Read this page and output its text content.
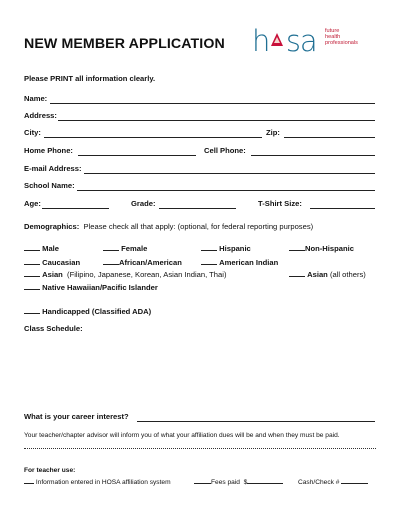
NEW MEMBER APPLICATION h  sa future
health
professionals
Please PRINT all information clearly.
Name:
Address:
City:	Zip:
Home Phone:	Cell Phone:
E-mail Address:
School Name:
Age:	Grade:	T-Shirt Size:
Demographics: Please check all that apply: (optional, for federal reporting purposes)
Male	Female	Hispanic	Non-Hispanic
Caucasian	African/American	American Indian
Asian (Filipino, Japanese, Korean, Asian Indian, Thai)	Asian (all others)
Native Hawaiian/Pacific Islander
Handicapped (Classified ADA)
Class Schedule:
What is your career interest?
Your teacher/chapter advisor will inform you of what your affiliation dues will be and when they must be paid.
For teacher use:
Information entered in HOSA affiliation system	Fees paid $	Cash/Check #
